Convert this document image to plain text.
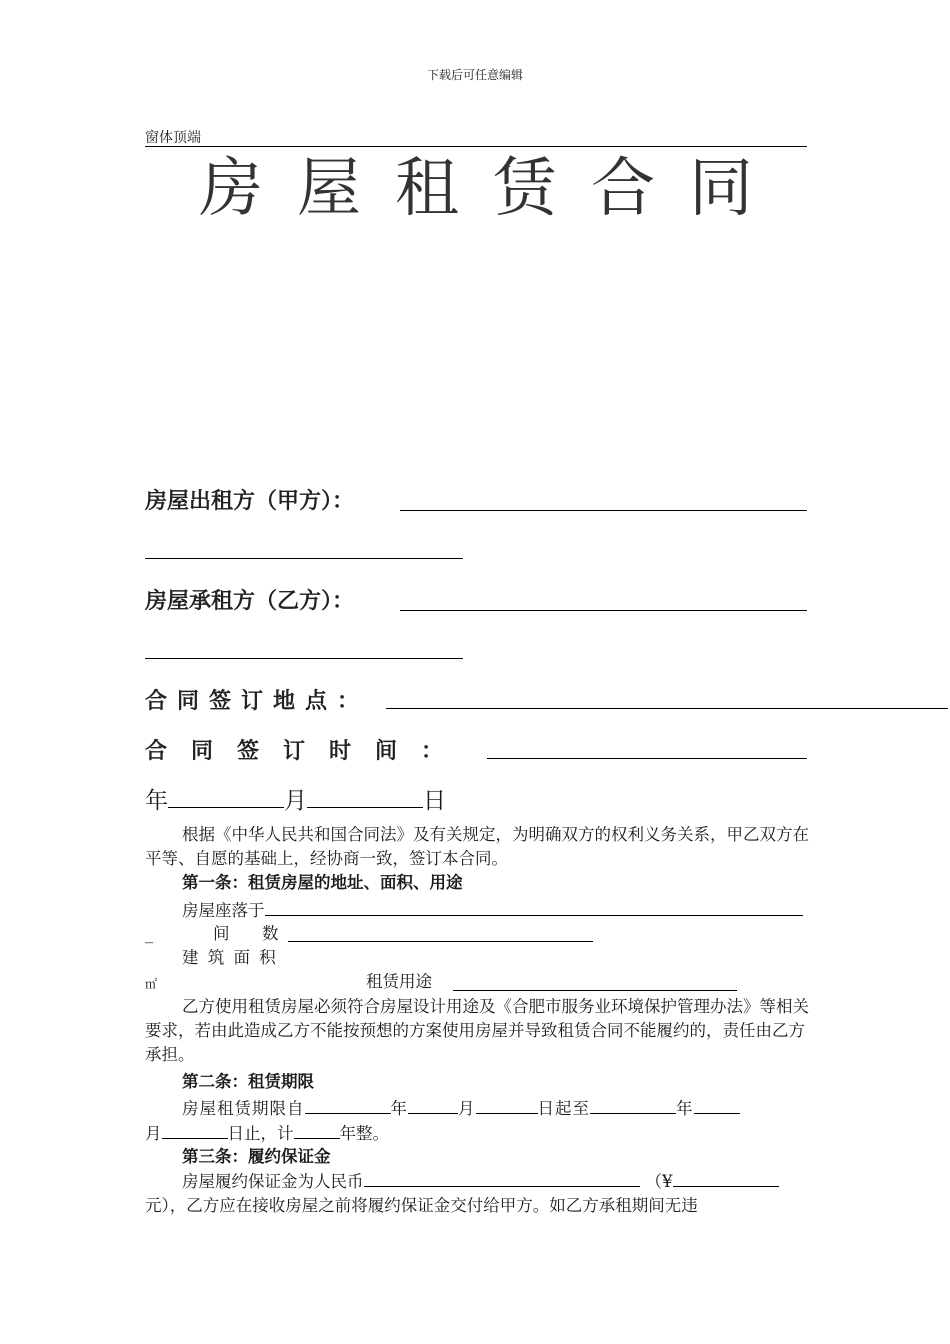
下载后可任意编辑
窗体顶端
房屋租赁合同
房屋出租方（甲方）：
房屋承租方（乙方）：
合同签订地点：
合同签订时间：
年	月	日
根据《中华人民共和国合同法》及有关规定，为明确双方的权利义务关系，甲乙双方在平等、自愿的基础上，经协商一致，签订本合同。
第一条：租赁房屋的地址、面积、用途
房屋座落于
_	间　数
建 筑 面 积
㎡	租赁用途
乙方使用租赁房屋必须符合房屋设计用途及《合肥市服务业环境保护管理办法》等相关要求，若由此造成乙方不能按预想的方案使用房屋并导致租赁合同不能履约的，责任由乙方承担。
第二条：租赁期限
房屋租赁期限自	年	月	日起至	年
月	日止，计	年整。
第三条：履约保证金
房屋履约保证金为人民币	（¥
元），乙方应在接收房屋之前将履约保证金交付给甲方。如乙方承租期间无违
